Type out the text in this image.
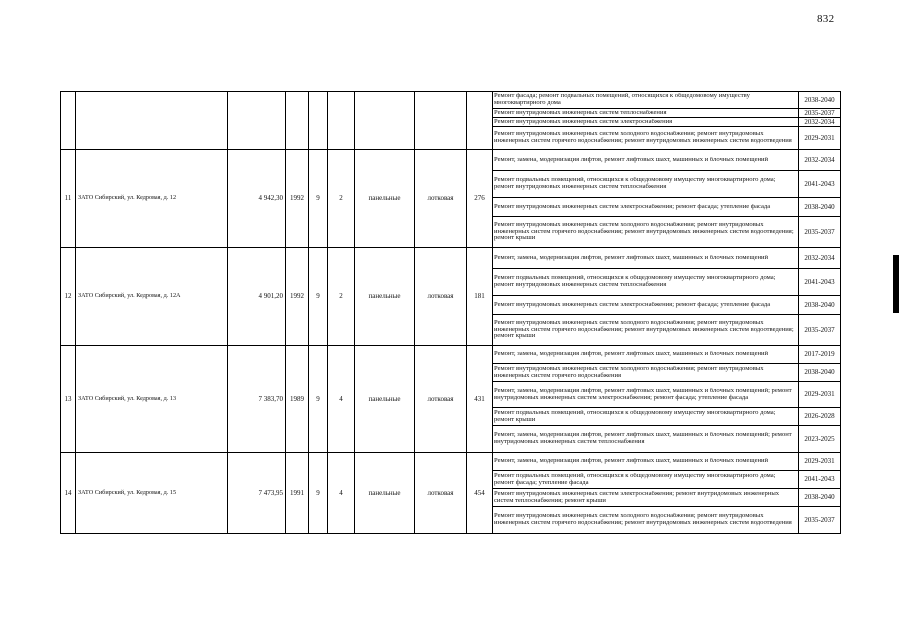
832

									Ремонт фасада; ремонт подвальных помещений, относящихся к общедомовому имуществу многоквартирного дома	2038-2040

									Ремонт внутридомовых инженерных систем теплоснабжения	2035-2037

									Ремонт внутридомовых инженерных систем электроснабжения	2032-2034

									Ремонт внутридомовых инженерных систем холодного водоснабжения; ремонт внутридомовых инженерных систем горячего водоснабжения; ремонт внутридомовых инженерных систем водоотведения	2029-2031
11	ЗАТО Сибирский, ул. Кедровая, д. 12	4 942,30	1992	9	2	панельные	лотковая	276	Ремонт, замена, модернизация лифтов, ремонт лифтовых шахт, машинных и блочных помещений	2032-2034

									Ремонт подвальных помещений, относящихся к общедомовому имуществу многоквартирного дома; ремонт внутридомовых инженерных систем теплоснабжения	2041-2043

									Ремонт внутридомовых инженерных систем электроснабжения; ремонт фасада; утепление фасада	2038-2040

									Ремонт внутридомовых инженерных систем холодного водоснабжения; ремонт внутридомовых инженерных систем горячего водоснабжения; ремонт внутридомовых инженерных систем водоотведения; ремонт крыши	2035-2037
12	ЗАТО Сибирский, ул. Кедровая, д. 12А	4 901,20	1992	9	2	панельные	лотковая	181	Ремонт, замена, модернизация лифтов, ремонт лифтовых шахт, машинных и блочных помещений	2032-2034

									Ремонт подвальных помещений, относящихся к общедомовому имуществу многоквартирного дома; ремонт внутридомовых инженерных систем теплоснабжения	2041-2043

									Ремонт внутридомовых инженерных систем электроснабжения; ремонт фасада; утепление фасада	2038-2040

									Ремонт внутридомовых инженерных систем холодного водоснабжения; ремонт внутридомовых инженерных систем горячего водоснабжения; ремонт внутридомовых инженерных систем водоотведения; ремонт крыши	2035-2037
13	ЗАТО Сибирский, ул. Кедровая, д. 13	7 383,70	1989	9	4	панельные	лотковая	431	Ремонт, замена, модернизация лифтов, ремонт лифтовых шахт, машинных и блочных помещений	2017-2019

									Ремонт внутридомовых инженерных систем холодного водоснабжения; ремонт внутридомовых инженерных систем горячего водоснабжения	2038-2040

									Ремонт, замена, модернизация лифтов, ремонт лифтовых шахт, машинных и блочных помещений; ремонт внутридомовых инженерных систем электроснабжения; ремонт фасада; утепление фасада	2029-2031

									Ремонт подвальных помещений, относящихся к общедомовому имуществу многоквартирного дома; ремонт крыши	2026-2028

									Ремонт, замена, модернизация лифтов, ремонт лифтовых шахт, машинных и блочных помещений; ремонт внутридомовых инженерных систем теплоснабжения	2023-2025
14	ЗАТО Сибирский, ул. Кедровая, д. 15	7 473,95	1991	9	4	панельные	лотковая	454	Ремонт, замена, модернизация лифтов, ремонт лифтовых шахт, машинных и блочных помещений	2029-2031

									Ремонт подвальных помещений, относящихся к общедомовому имуществу многоквартирного дома; ремонт фасада; утепление фасада	2041-2043

									Ремонт внутридомовых инженерных систем электроснабжения; ремонт внутридомовых инженерных систем теплоснабжения; ремонт крыши	2038-2040

									Ремонт внутридомовых инженерных систем холодного водоснабжения; ремонт внутридомовых инженерных систем горячего водоснабжения; ремонт внутридомовых инженерных систем водоотведения	2035-2037
